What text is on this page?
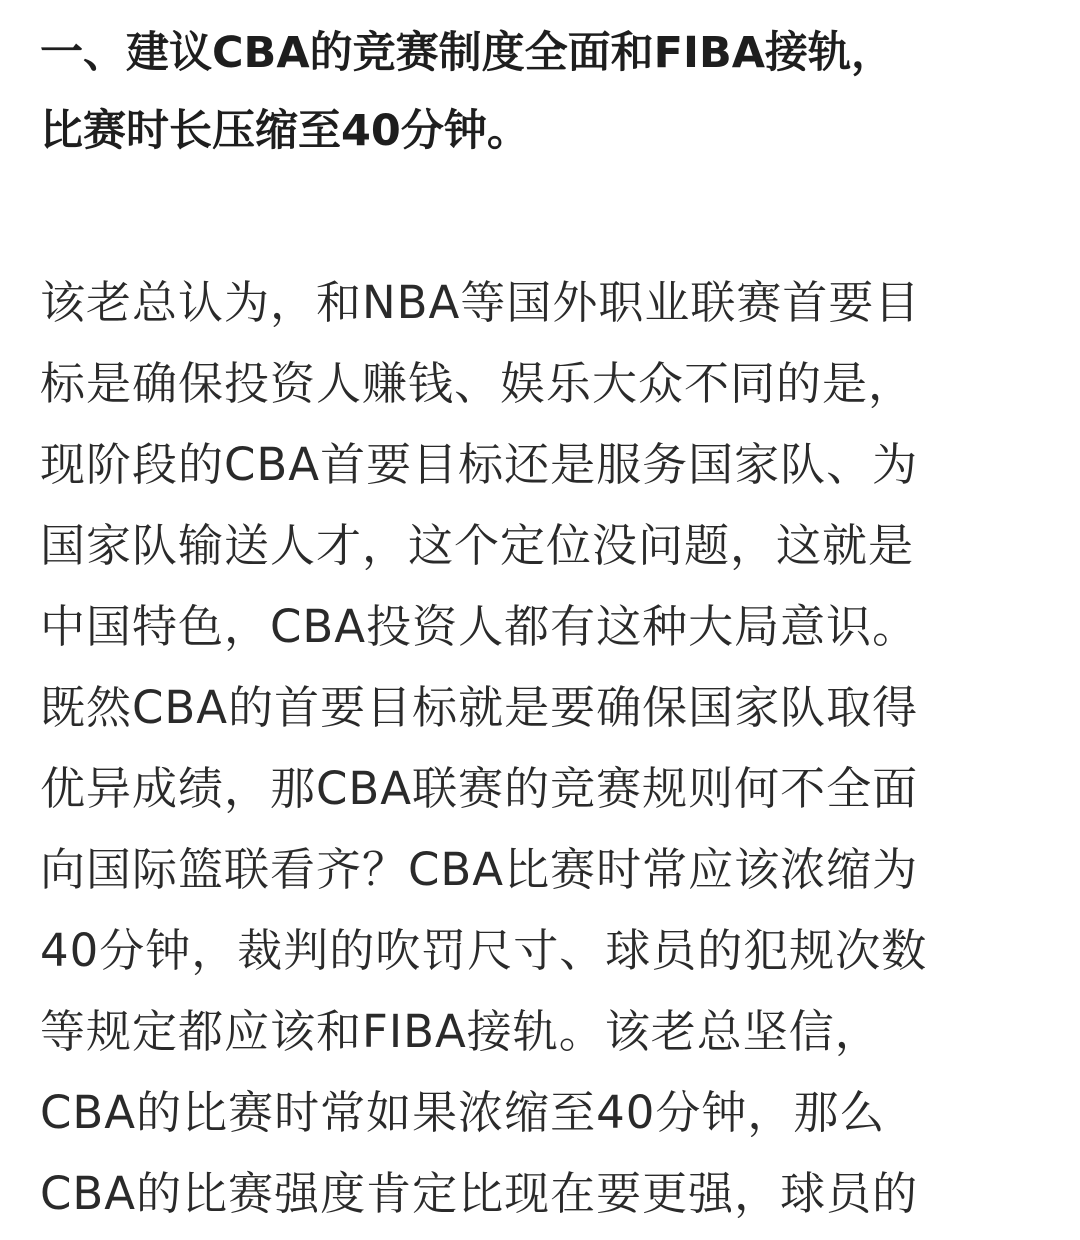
一、建议CBA的竞赛制度全面和FIBA接轨，
比赛时长压缩至40分钟。

该老总认为，和NBA等国外职业联赛首要目
标是确保投资人赚钱、娱乐大众不同的是，
现阶段的CBA首要目标还是服务国家队、为
国家队输送人才，这个定位没问题，这就是
中国特色，CBA投资人都有这种大局意识。
既然CBA的首要目标就是要确保国家队取得
优异成绩，那CBA联赛的竞赛规则何不全面
向国际篮联看齐？CBA比赛时常应该浓缩为
40分钟，裁判的吹罚尺寸、球员的犯规次数
等规定都应该和FIBA接轨。该老总坚信，
CBA的比赛时常如果浓缩至40分钟，那么
CBA的比赛强度肯定比现在要更强，球员的
